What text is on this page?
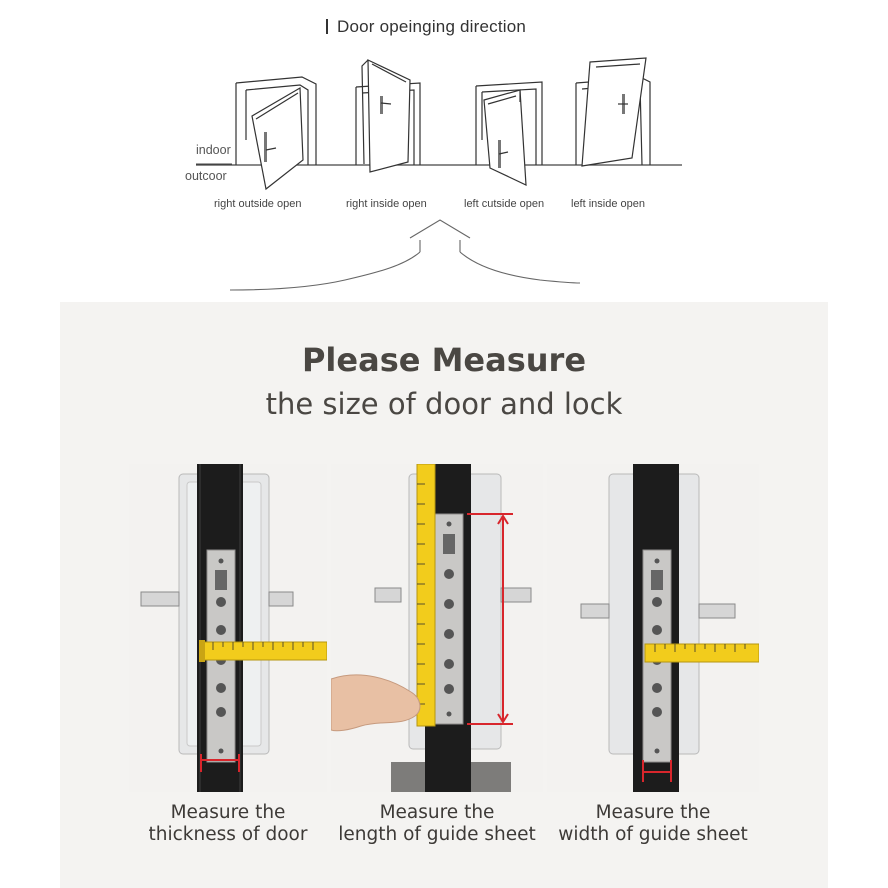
Door opeinging direction
indoor
outcoor
right outside open	right inside open	left cutside open left inside open
Please Measure
the size of door and lock
Measure the
thickness of door
Measure the
length of guide sheet
Measure the
width of guide sheet
